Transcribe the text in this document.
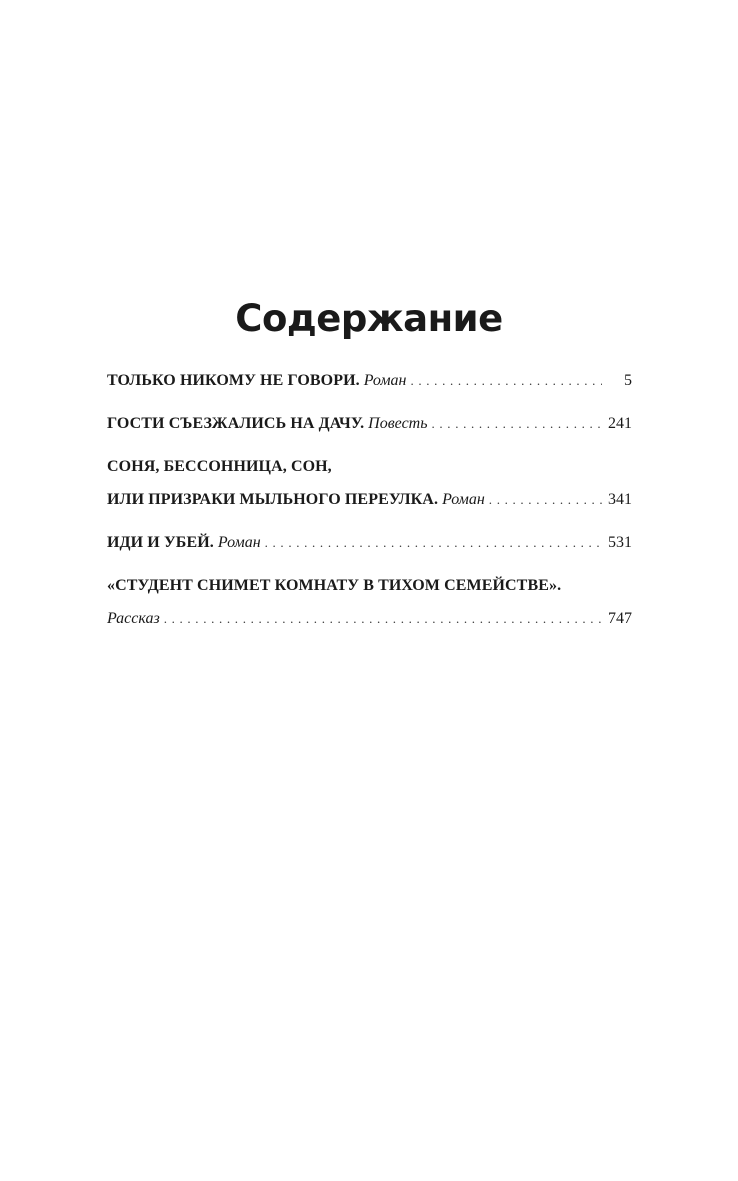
Содержание
ТОЛЬКО НИКОМУ НЕ ГОВОРИ. Роман . . .	5
ГОСТИ СЪЕЗЖАЛИСЬ НА ДАЧУ. Повесть . . .	241
СОНЯ, БЕССОННИЦА, СОН,
ИЛИ ПРИЗРАКИ МЫЛЬНОГО ПЕРЕУЛКА. Роман . . .	341
ИДИ И УБЕЙ. Роман . . .	531
«СТУДЕНТ СНИМЕТ КОМНАТУ В ТИХОМ СЕМЕЙСТВЕ».
Рассказ . . .	747
